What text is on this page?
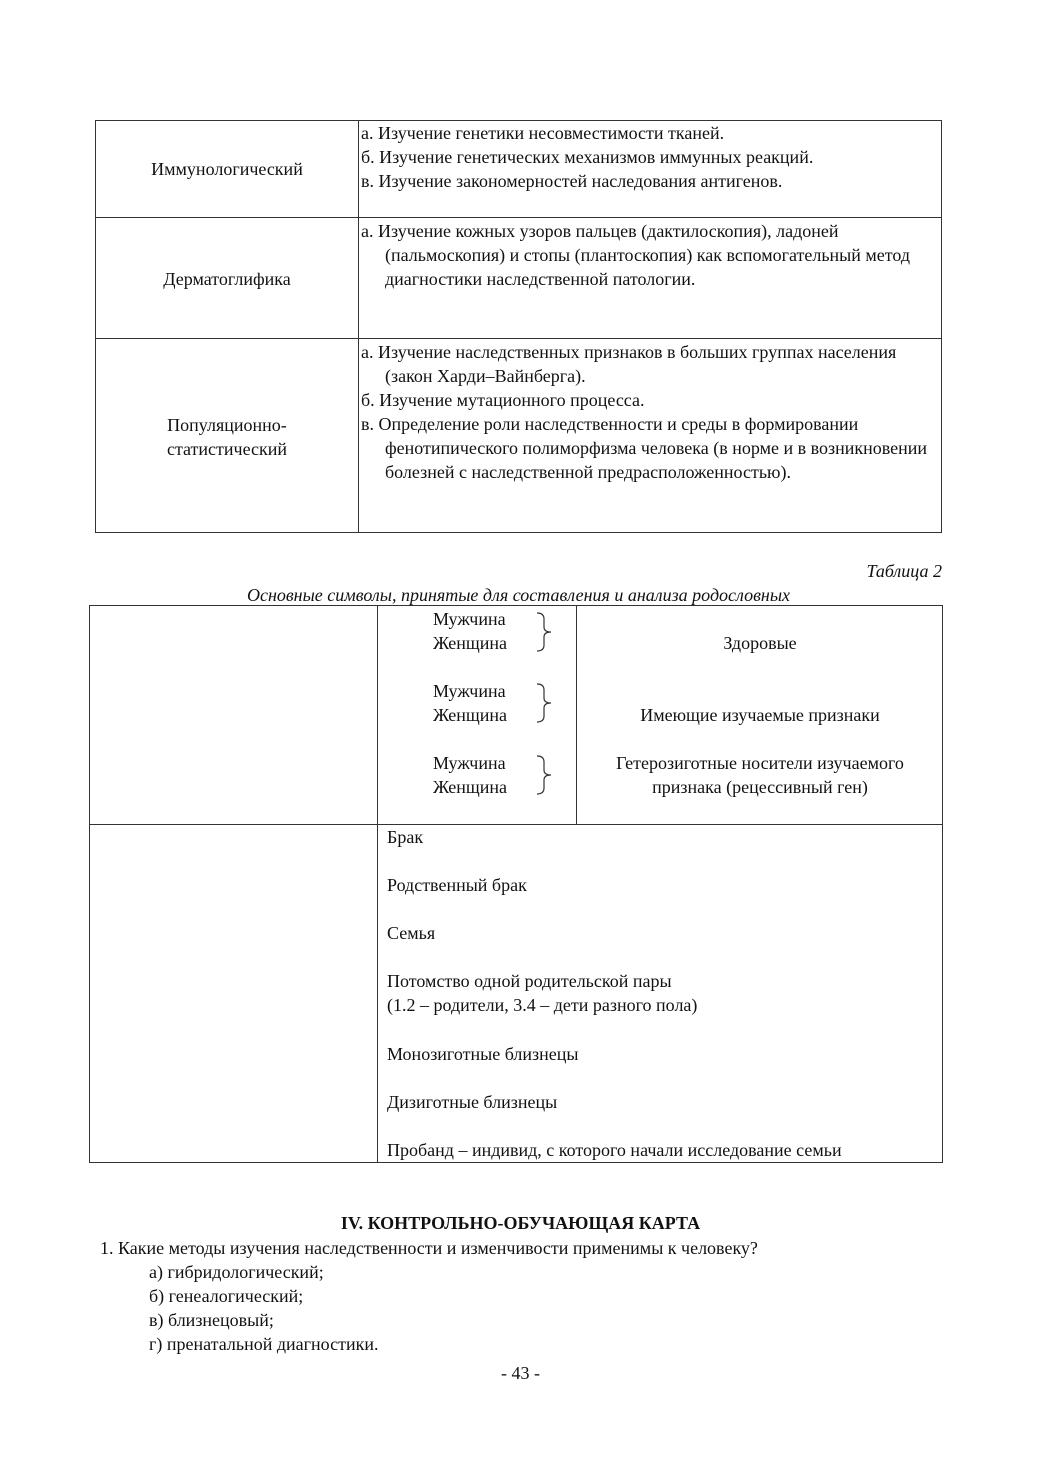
Иммунологический

а. Изучение генетики несовместимости тканей.

б. Изучение генетических механизмов иммунных реакций.

в. Изучение закономерностей наследования антигенов.

Дерматоглифика

а. Изучение кожных узоров пальцев (дактилоскопия), ладоней (пальмоскопия) и стопы (плантоскопия) как вспомогательный метод диагностики наследственной патологии.

Популяционно-
статистический

а. Изучение наследственных признаков в больших группах населения (закон Харди–Вайнберга).

б. Изучение мутационного процесса.

в. Определение роли наследственности и среды в формировании фенотипического полиморфизма человека (в норме и в возникновении болезней с наследственной предрасположенностью).

Таблица 2
Основные символы, принятые для составления и анализа родословных
Мужчина
Женщина	Здоровые
Мужчина
Женщина	Имеющие изучаемые признаки
Мужчина
Женщина
Гетерозиготные носители изучаемого
признака (рецессивный ген)
Брак
Родственный брак
Семья
Потомство одной родительской пары
(1.2 – родители, 3.4 – дети разного пола)
Монозиготные близнецы
Дизиготные близнецы
Пробанд – индивид, с которого начали исследование семьи
IV. КОНТРОЛЬНО-ОБУЧАЮЩАЯ КАРТА
1. Какие методы изучения наследственности и изменчивости применимы к человеку?
а) гибридологический;
б) генеалогический;
в) близнецовый;
г) пренатальной диагностики.
- 43 -
